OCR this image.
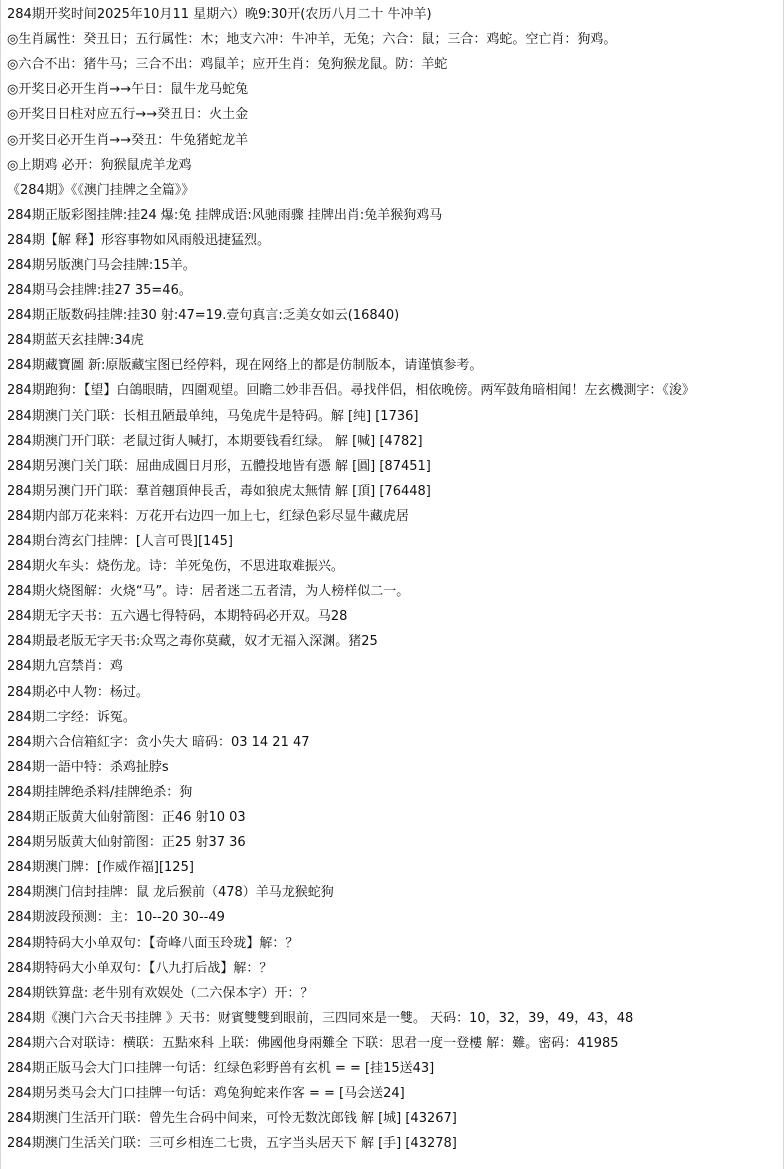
284期开奖时间2025年10月11 星期六）晚9:30开(农历八月二十 牛冲羊)
◎生肖属性：癸丑日；五行属性：木；地支六冲：牛冲羊，无兔；六合：鼠；三合：鸡蛇。空亡肖：狗鸡。
◎六合不出：猪牛马；三合不出：鸡鼠羊；应开生肖：兔狗猴龙鼠。防：羊蛇
◎开奖日必开生肖→→午日：鼠牛龙马蛇兔
◎开奖日日柱对应五行→→癸丑日：火土金
◎开奖日必开生肖→→癸丑：牛兔猪蛇龙羊
◎上期鸡 必开：狗猴鼠虎羊龙鸡
《284期》《《澳门挂牌之全篇》》
284期正版彩图挂牌:挂24 爆:兔 挂牌成语:风驰雨骤 挂牌出肖:兔羊猴狗鸡马
284期【解 释】形容事物如风雨般迅捷猛烈。
284期另版澳门马会挂牌:15羊。
284期马会挂牌:挂27 35=46。
284期正版数码挂牌:挂30 射:47=19.壹句真言:乏美女如云(16840)
284期蓝天玄挂牌:34虎
284期藏寶圖 新:原版藏宝图已经停料，现在网络上的都是仿制版本，请谨慎参考。
284期跑狗：【望】白鴿眼睛，四圍观望。回瞻二妙非吾侣。尋找伴侣，相依晚傍。两军鼓角暗相闻！左玄機測字：《浚》
284期澳门关门联：长相丑陋最单纯，马兔虎牛是特码。解 [纯] [1736]
284期澳门开门联：老鼠过街人喊打，本期要钱看红绿。 解 [喊] [4782]
284期另澳门关门联：屈曲成圓日月形，五體投地皆有憑 解 [圓] [87451]
284期另澳门开门联：羣首翹頂伸長舌，毒如狼虎太無情 解 [頂] [76448]
284期内部万花来料：万花开右边四一加上七，红绿色彩尽显牛藏虎居
284期台湾玄门挂牌：[人言可畏][145]
284期火车头：烧伤龙。诗：羊死兔伤，不思进取难振兴。
284期火烧图解：火烧“马”。诗：居者迷二五者清，为人榜样似二一。
284期无字天书：五六遇七得特码，本期特码必开双。马28
284期最老版无字天书:众骂之毒你莫藏，奴才无福入深渊。猪25
284期九宫禁肖：鸡
284期必中人物：杨过。
284期二字经：诉冤。
284期六合信箱紅字：贪小失大 暗码：03 14 21 47
284期一語中特：杀鸡扯脖s
284期挂牌绝杀料/挂牌绝杀：狗
284期正版黄大仙射箭图：正46 射10 03
284期另版黄大仙射箭图：正25 射37 36
284期澳门牌：[作威作福][125]
284期澳门信封挂牌：鼠 龙后猴前（478）羊马龙猴蛇狗
284期波段预测：主：10--20 30--49
284期特码大小单双句：【奇峰八面玉玲珑】解：？
284期特码大小单双句：【八九打后战】解：？
284期铁算盘: 老牛别有欢娱处（二六保本字）开：？
284期《澳门六合天书挂牌 》天书：财賓雙雙到眼前，三四同來是一雙。 天码：10，32，39，49，43，48
284期六合对联诗：横联：五點來科 上联：佛國他身兩難全 下联：思君一度一登樓 解：難。密码：41985
284期正版马会大门口挂牌一句话：红绿色彩野兽有玄机 = = [挂15送43]
284期另类马会大门口挂牌一句话：鸡兔狗蛇来作客 = = [马会送24]
284期澳门生活开门联：曾先生合码中间来，可怜无数沈郎钱 解 [城] [43267]
284期澳门生活关门联：三可乡相连二七贵，五字当头居天下 解 [手] [43278]
